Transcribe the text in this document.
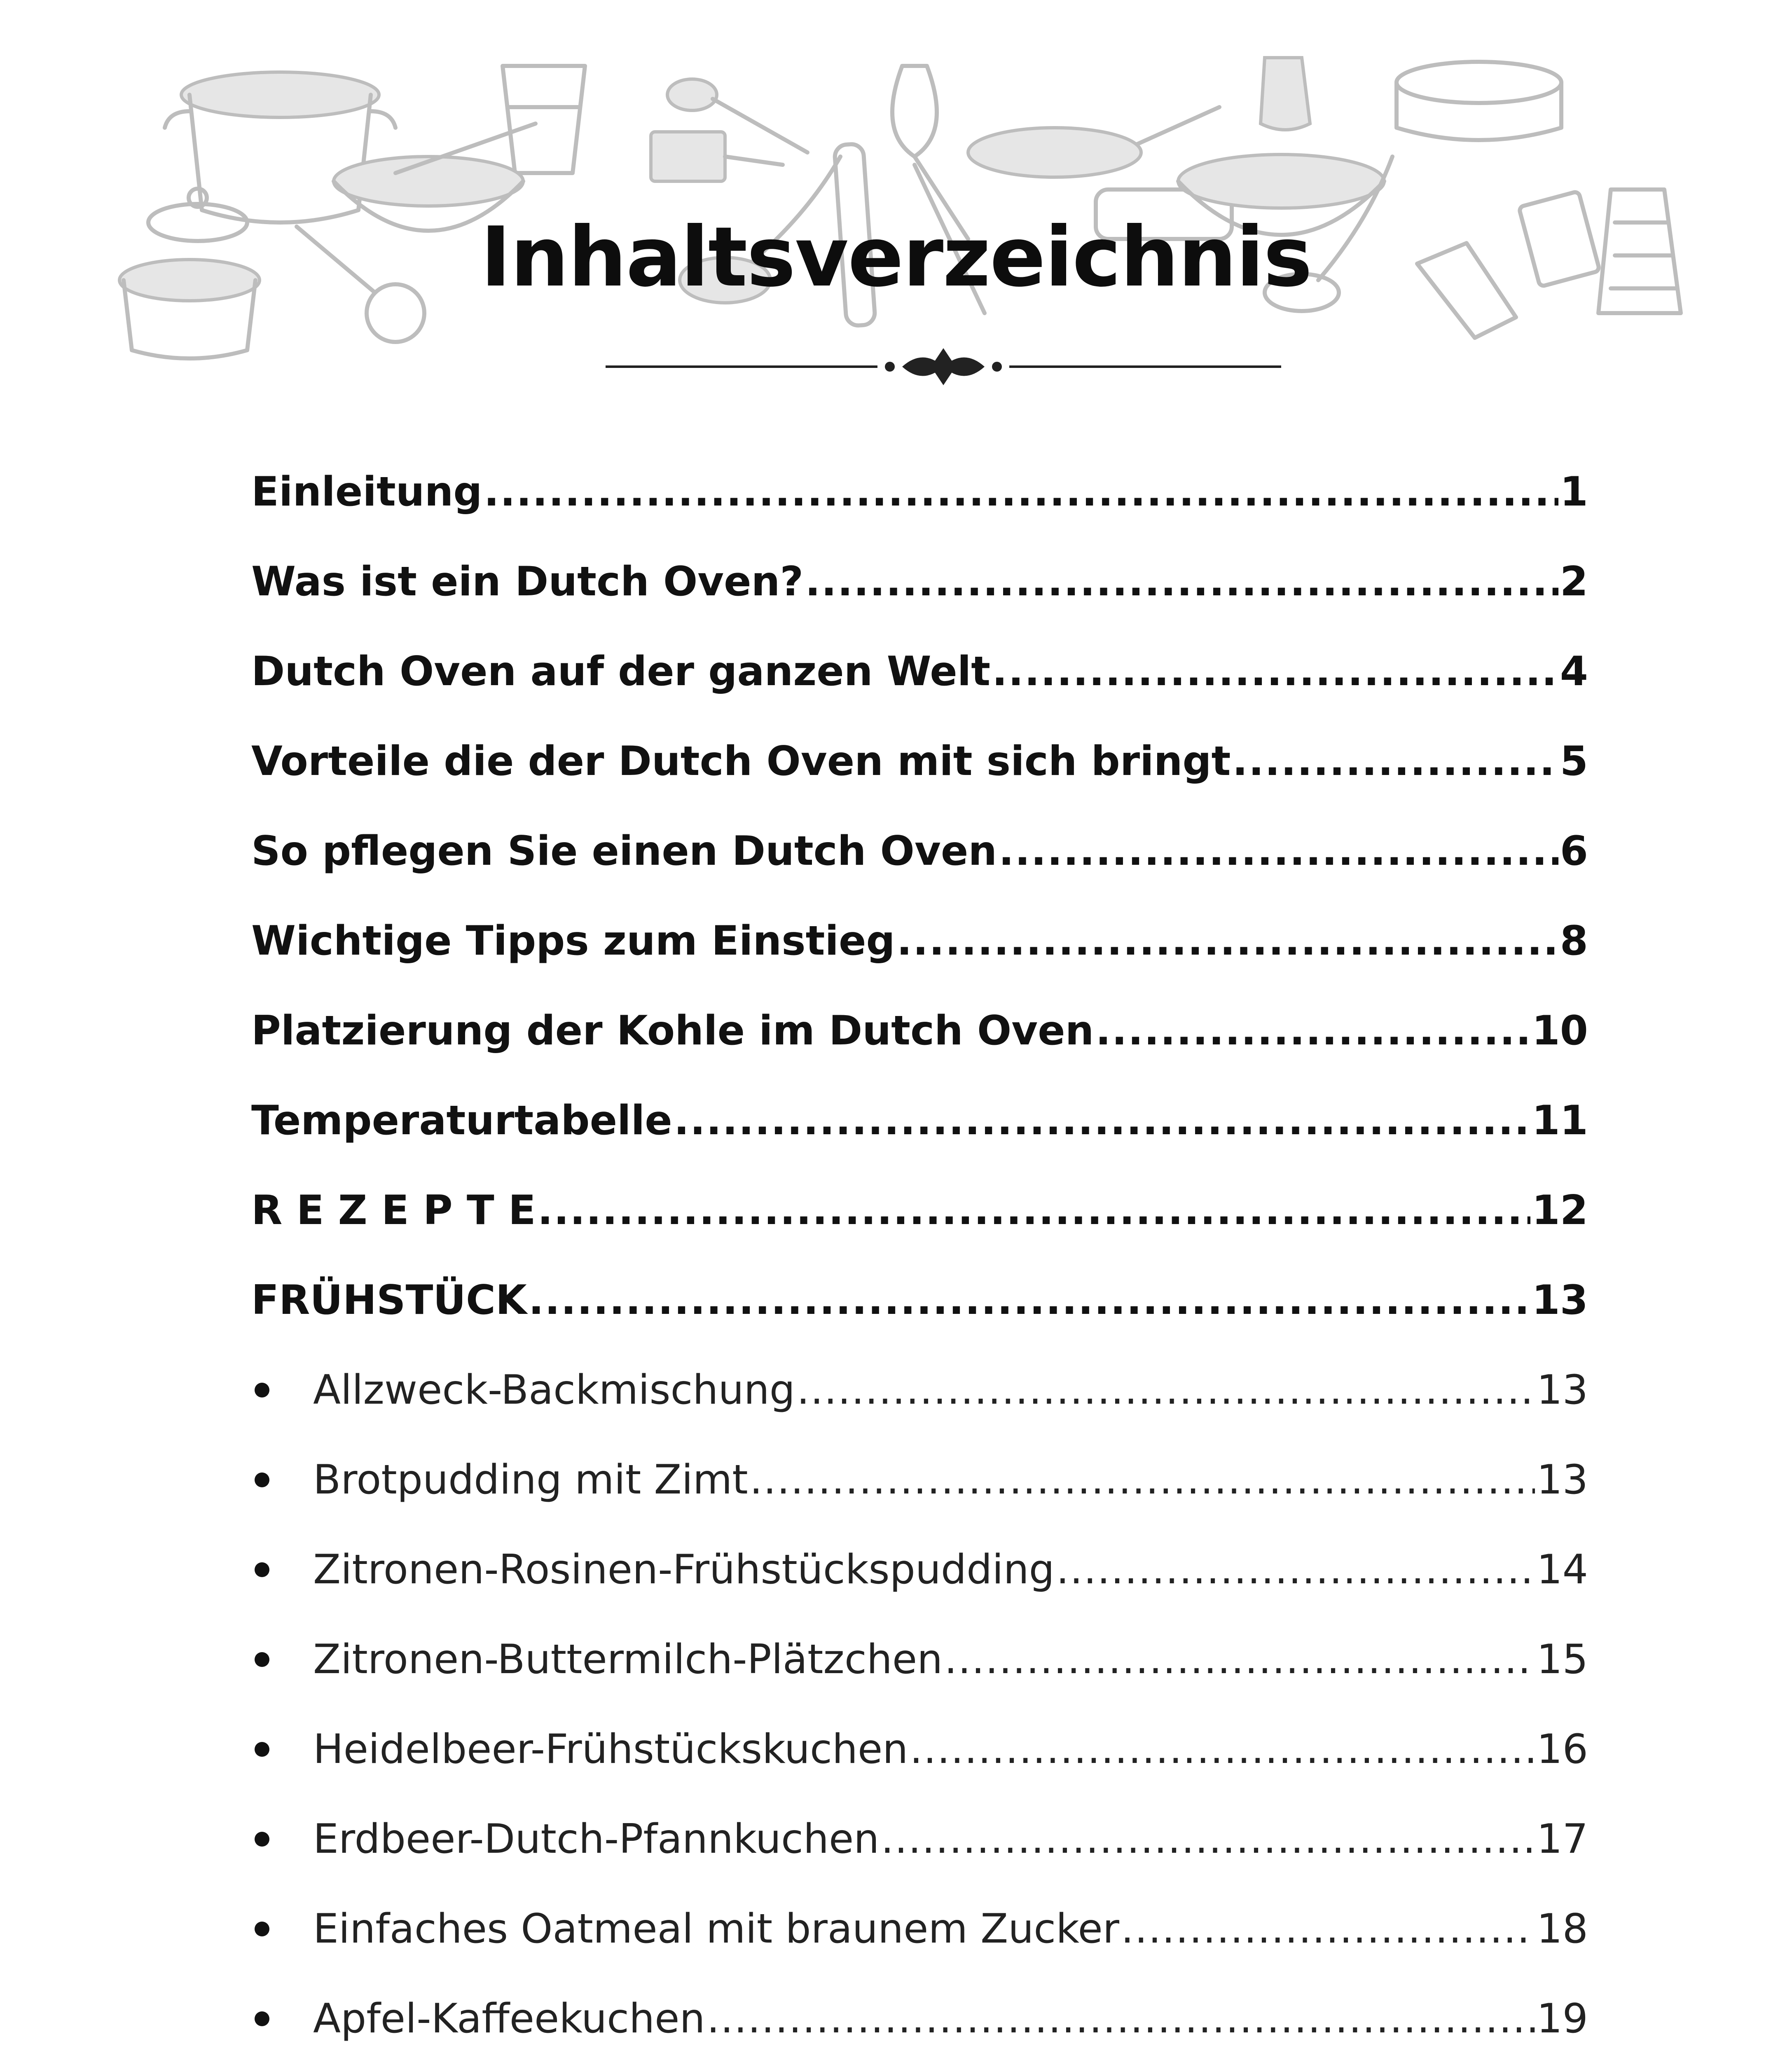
Inhaltsverzeichnis
Einleitung .....	1
Was ist ein Dutch Oven? .....	2
Dutch Oven auf der ganzen Welt .....	4
Vorteile die der Dutch Oven mit sich bringt .....	5
So pflegen Sie einen Dutch Oven .....	6
Wichtige Tipps zum Einstieg .....	8
Platzierung der Kohle im Dutch Oven .....	10
Temperaturtabelle .....	11
R E Z E P T E .....	12
FRÜHSTÜCK .....	13
Allzweck-Backmischung .....	13
Brotpudding mit Zimt .....	13
Zitronen-Rosinen-Frühstückspudding .....	14
Zitronen-Buttermilch-Plätzchen .....	15
Heidelbeer-Frühstückskuchen .....	16
Erdbeer-Dutch-Pfannkuchen .....	17
Einfaches Oatmeal mit braunem Zucker .....	18
Apfel-Kaffeekuchen .....	19
